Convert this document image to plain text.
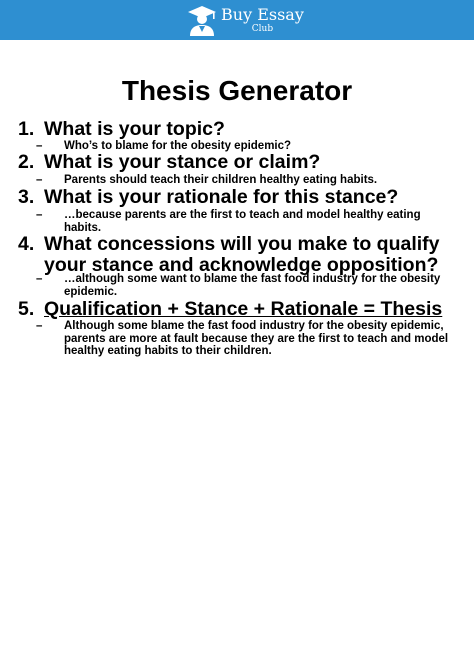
Buy Essay
Club
Thesis Generator
1. What is your topic?
– Who’s to blame for the obesity epidemic?
2. What is your stance or claim?
– Parents should teach their children healthy eating habits.
3. What is your rationale for this stance?
– …because parents are the first to teach and model healthy eating habits.
4. What concessions will you make to qualify your stance and acknowledge opposition?
– …although some want to blame the fast food industry for the obesity epidemic.
5. Qualification + Stance + Rationale = Thesis
– Although some blame the fast food industry for the obesity epidemic, parents are more at fault because they are the first to teach and model healthy eating habits to their children.
